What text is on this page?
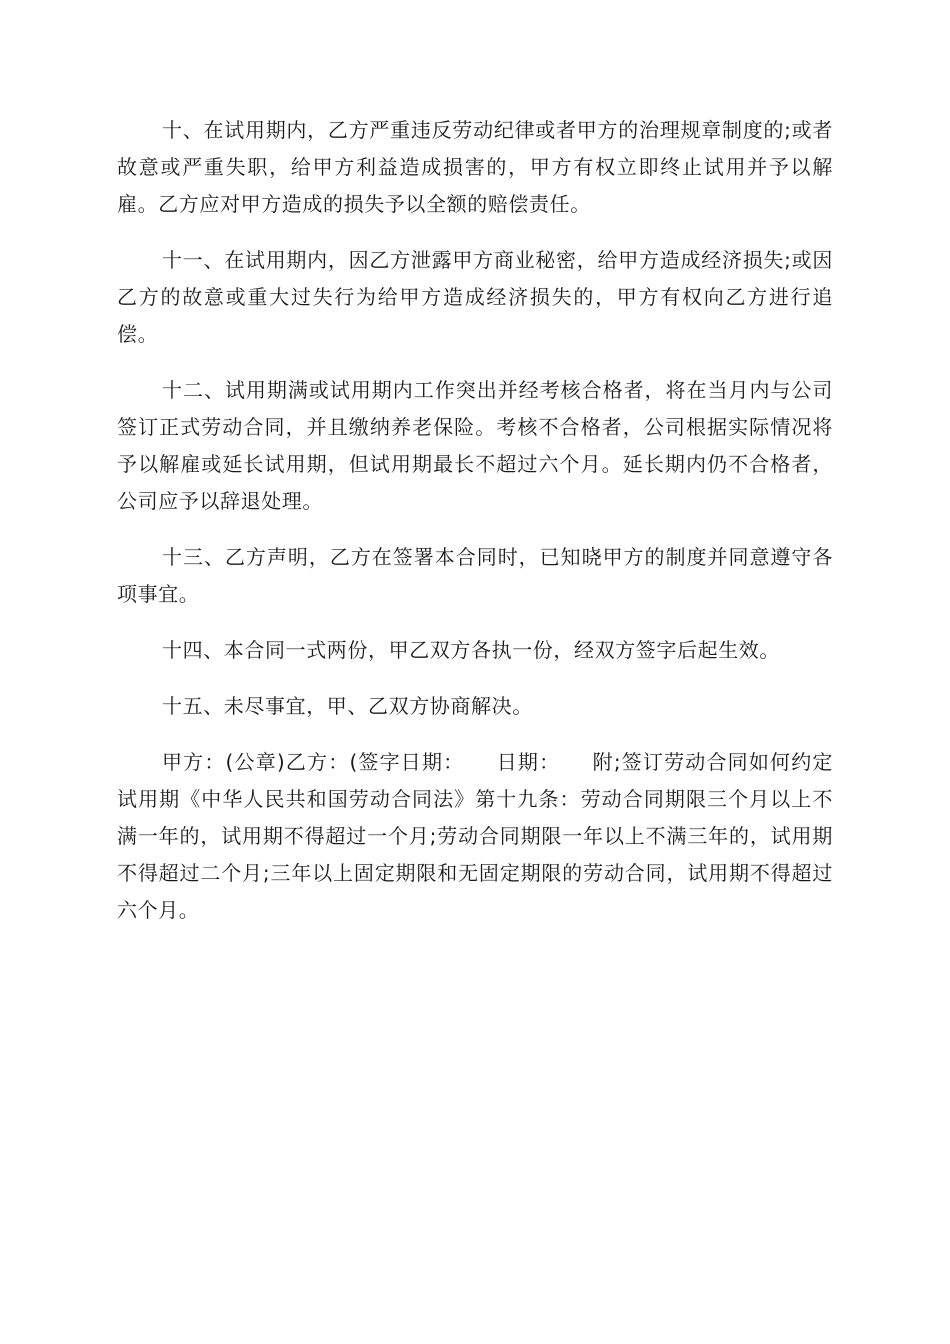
十、在试用期内，乙方严重违反劳动纪律或者甲方的治理规章制度的;或者故意或严重失职，给甲方利益造成损害的，甲方有权立即终止试用并予以解雇。乙方应对甲方造成的损失予以全额的赔偿责任。

十一、在试用期内，因乙方泄露甲方商业秘密，给甲方造成经济损失;或因乙方的故意或重大过失行为给甲方造成经济损失的，甲方有权向乙方进行追偿。

十二、试用期满或试用期内工作突出并经考核合格者，将在当月内与公司签订正式劳动合同，并且缴纳养老保险。考核不合格者，公司根据实际情况将予以解雇或延长试用期，但试用期最长不超过六个月。延长期内仍不合格者，公司应予以辞退处理。

十三、乙方声明，乙方在签署本合同时，已知晓甲方的制度并同意遵守各项事宜。

十四、本合同一式两份，甲乙双方各执一份，经双方签字后起生效。

十五、未尽事宜，甲、乙双方协商解决。

甲方：(公章)乙方：(签字日期：　　日期：　　附;签订劳动合同如何约定试用期《中华人民共和国劳动合同法》第十九条：劳动合同期限三个月以上不满一年的，试用期不得超过一个月;劳动合同期限一年以上不满三年的，试用期不得超过二个月;三年以上固定期限和无固定期限的劳动合同，试用期不得超过六个月。
